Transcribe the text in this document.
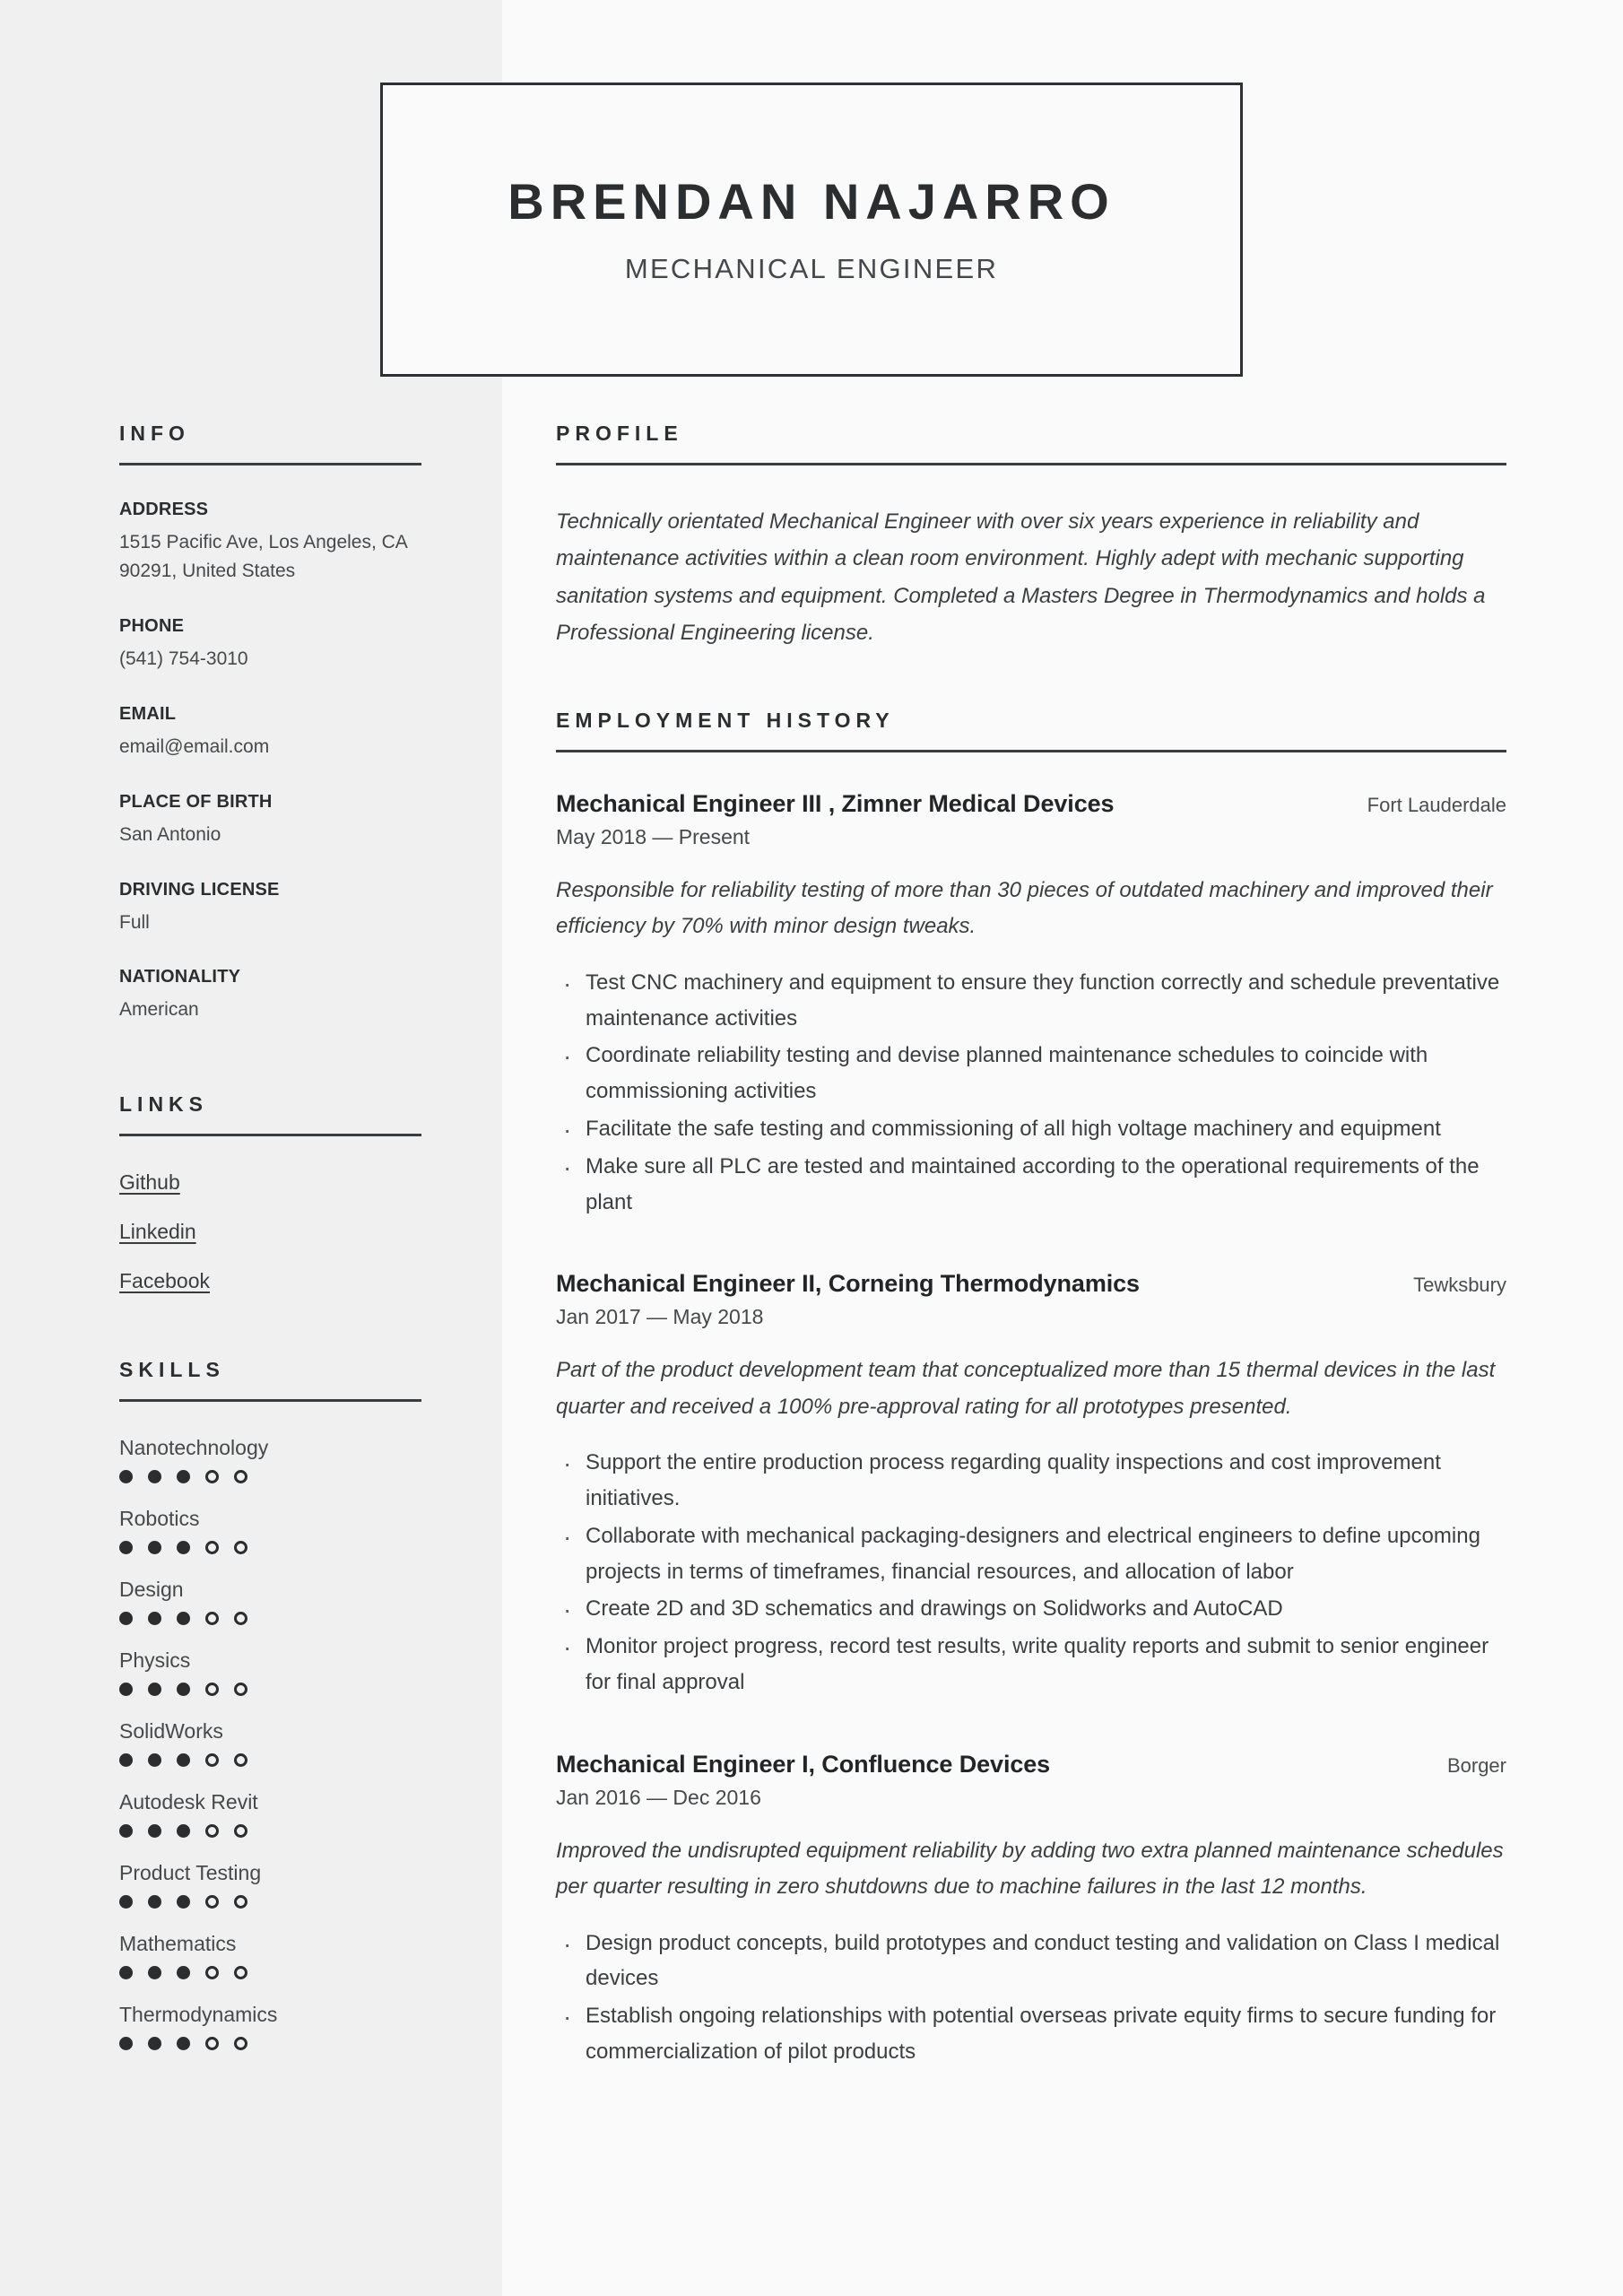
BRENDAN NAJARRO
MECHANICAL ENGINEER
INFO
ADDRESS
1515 Pacific Ave, Los Angeles, CA 90291, United States
PHONE
(541) 754-3010
EMAIL
email@email.com
PLACE OF BIRTH
San Antonio
DRIVING LICENSE
Full
NATIONALITY
American
LINKS
Github
Linkedin
Facebook
SKILLS
Nanotechnology
Robotics
Design
Physics
SolidWorks
Autodesk Revit
Product Testing
Mathematics
Thermodynamics
PROFILE
Technically orientated Mechanical Engineer with over six years experience in reliability and maintenance activities within a clean room environment. Highly adept with mechanic supporting sanitation systems and equipment. Completed a Masters Degree in Thermodynamics and holds a Professional Engineering license.
EMPLOYMENT HISTORY
Mechanical Engineer III , Zimner Medical Devices	Fort Lauderdale
May 2018 — Present
Responsible for reliability testing of more than 30 pieces of outdated machinery and improved their efficiency by 70% with minor design tweaks.
· Test CNC machinery and equipment to ensure they function correctly and schedule preventative maintenance activities
· Coordinate reliability testing and devise planned maintenance schedules to coincide with commissioning activities
· Facilitate the safe testing and commissioning of all high voltage machinery and equipment
· Make sure all PLC are tested and maintained according to the operational requirements of the plant
Mechanical Engineer II, Corneing Thermodynamics	Tewksbury
Jan 2017 — May 2018
Part of the product development team that conceptualized more than 15 thermal devices in the last quarter and received a 100% pre-approval rating for all prototypes presented.
· Support the entire production process regarding quality inspections and cost improvement initiatives.
· Collaborate with mechanical packaging-designers and electrical engineers to define upcoming projects in terms of timeframes, financial resources, and allocation of labor
· Create 2D and 3D schematics and drawings on Solidworks and AutoCAD
· Monitor project progress, record test results, write quality reports and submit to senior engineer for final approval
Mechanical Engineer I, Confluence Devices	Borger
Jan 2016 — Dec 2016
Improved the undisrupted equipment reliability by adding two extra planned maintenance schedules per quarter resulting in zero shutdowns due to machine failures in the last 12 months.
· Design product concepts, build prototypes and conduct testing and validation on Class I medical devices
· Establish ongoing relationships with potential overseas private equity firms to secure funding for commercialization of pilot products
